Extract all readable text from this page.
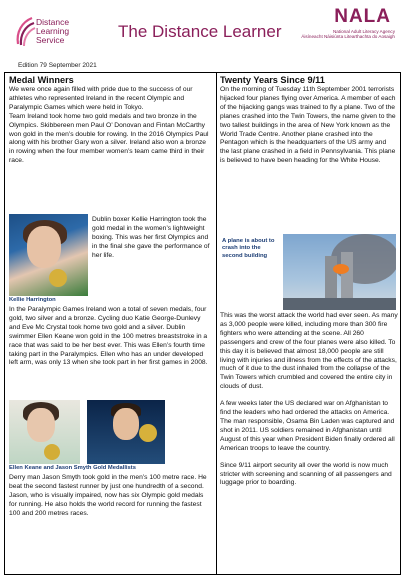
Distance
Learning
Service	The Distance Learner
NALA
National Adult Literacy Agency
Áisíneacht Náisiúnta Litearthachta do Aosaigh
Edition 79 September 2021
Medal Winners

We were once again filled with pride due to the success of our athletes who represented Ireland in the recent Olympic and Paralympic Games which were held in Tokyo.

Team Ireland took home two gold medals and two bronze in the Olympics. Skibbereen men Paul O’ Donovan and Fintan McCarthy won gold in the men’s double for rowing. In the 2016 Olympics Paul along with his brother Gary won a silver. Ireland also won a bronze in rowing when the four member women’s team came third in their race.

Kellie Harrington

Dublin boxer Kellie Harrington took the gold medal in the women’s lightweight boxing. This was her first Olympics and in the final she gave the performance of her life.

In the Paralympic Games Ireland won a total of seven medals, four gold, two silver and a bronze. Cycling duo Katie George-Dunlevy and Eve Mc Crystal took home two gold and a silver. Dublin swimmer Ellen Keane won gold in the 100 metres breaststroke in a race that was said to be her best ever. This was Ellen’s fourth time taking part in the Paralympics. Ellen who has an under developed left arm, was only 13 when she took part in her first games in 2008.

Ellen Keane and Jason Smyth Gold Medallists

Derry man Jason Smyth took gold in the men’s 100 metre race. He beat the second fastest runner by just one hundredth of a second. Jason, who is visually impaired, now has six Olympic gold medals for running. He also holds the world record for running the fastest 100 and 200 metres races.

Twenty Years Since 9/11

On the morning of Tuesday 11th September 2001 terrorists hijacked four planes flying over America. A member of each of the hijacking gangs was trained to fly a plane. Two of the planes crashed into the Twin Towers, the name given to the two tallest buildings in the area of New York known as the World Trade Centre. Another plane crashed into the Pentagon which is the headquarters of the US army and the last plane crashed in a field in Pennsylvania. This plane is believed to have been heading for the White House.

A plane is about to crash into the second building

This was the worst attack the world had ever seen. As many as 3,000 people were killed, including more than 300 fire fighters who were attending at the scene. All 260 passengers and crew of the four planes were also killed. To this day it is believed that almost 18,000 people are still living with injuries and illness from the effects of the attacks, much of it due to the dust inhaled from the collapse of the Twin Towers which crumbled and covered the entire city in clouds of dust.

A few weeks later the US declared war on Afghanistan to find the leaders who had ordered the attacks on America. The man responsible, Osama Bin Laden was captured and shot in 2011. US soldiers remained in Afghanistan until August of this year when President Biden finally ordered all American troops to leave the country.

Since 9/11 airport security all over the world is now much stricter with screening and scanning of all passengers and luggage prior to boarding.
